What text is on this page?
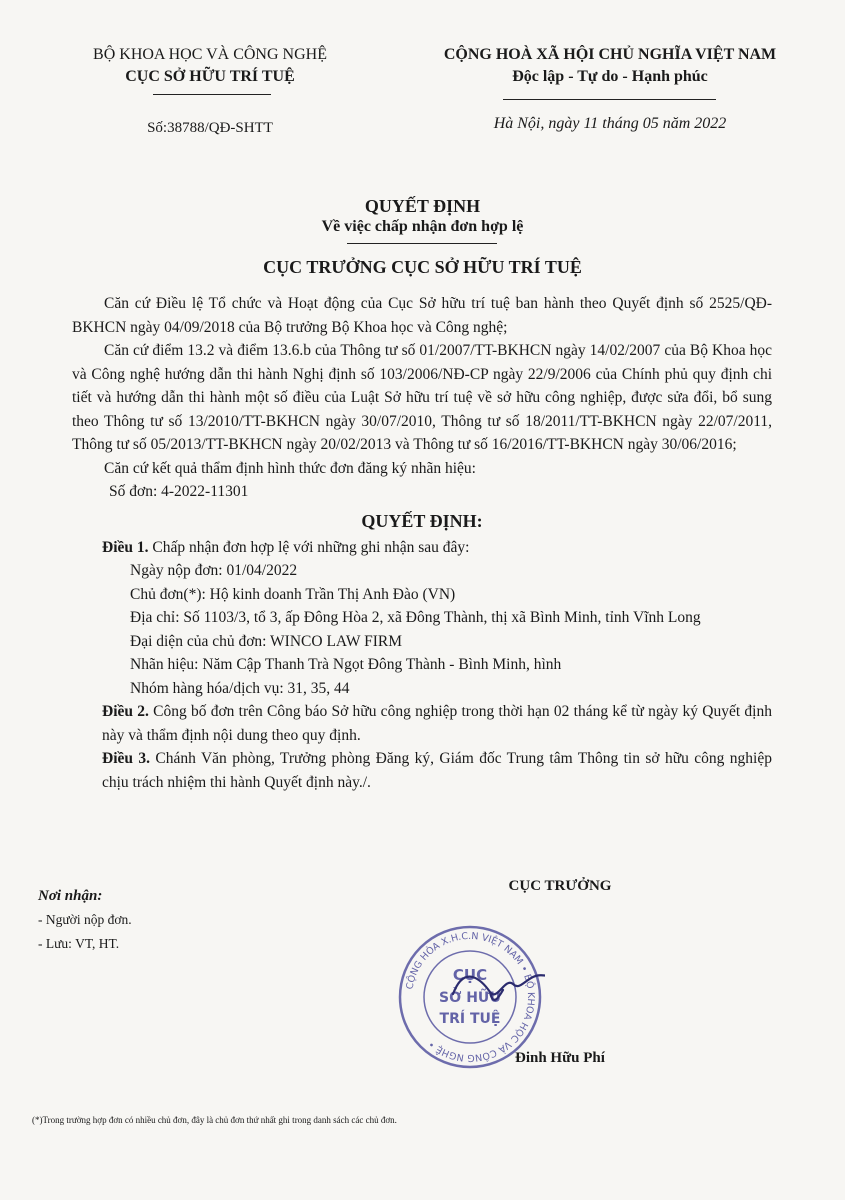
BỘ KHOA HỌC VÀ CÔNG NGHỆ
CỤC SỞ HỮU TRÍ TUỆ
CỘNG HOÀ XÃ HỘI CHỦ NGHĨA VIỆT NAM
Độc lập - Tự do - Hạnh phúc
Số:38788/QĐ-SHTT	Hà Nội, ngày 11 tháng 05 năm 2022
QUYẾT ĐỊNH
Về việc chấp nhận đơn hợp lệ
CỤC TRƯỞNG CỤC SỞ HỮU TRÍ TUỆ

Căn cứ Điều lệ Tổ chức và Hoạt động của Cục Sở hữu trí tuệ ban hành theo Quyết định số 2525/QĐ-BKHCN ngày 04/09/2018 của Bộ trưởng Bộ Khoa học và Công nghệ;

Căn cứ điểm 13.2 và điểm 13.6.b của Thông tư số 01/2007/TT-BKHCN ngày 14/02/2007 của Bộ Khoa học và Công nghệ hướng dẫn thi hành Nghị định số 103/2006/NĐ-CP ngày 22/9/2006 của Chính phủ quy định chi tiết và hướng dẫn thi hành một số điều của Luật Sở hữu trí tuệ về sở hữu công nghiệp, được sửa đổi, bổ sung theo Thông tư số 13/2010/TT-BKHCN ngày 30/07/2010, Thông tư số 18/2011/TT-BKHCN ngày 22/07/2011, Thông tư số 05/2013/TT-BKHCN ngày 20/02/2013 và Thông tư số 16/2016/TT-BKHCN ngày 30/06/2016;

Căn cứ kết quả thẩm định hình thức đơn đăng ký nhãn hiệu:

Số đơn: 4-2022-11301

QUYẾT ĐỊNH:

Điều 1. Chấp nhận đơn hợp lệ với những ghi nhận sau đây:

Ngày nộp đơn: 01/04/2022

Chủ đơn(*): Hộ kinh doanh Trần Thị Anh Đào (VN)

Địa chỉ: Số 1103/3, tổ 3, ấp Đông Hòa 2, xã Đông Thành, thị xã Bình Minh, tỉnh Vĩnh Long

Đại diện của chủ đơn: WINCO LAW FIRM

Nhãn hiệu: Năm Cập Thanh Trà Ngọt Đông Thành - Bình Minh, hình

Nhóm hàng hóa/dịch vụ: 31, 35, 44

Điều 2. Công bố đơn trên Công báo Sở hữu công nghiệp trong thời hạn 02 tháng kể từ ngày ký Quyết định này và thẩm định nội dung theo quy định.

Điều 3. Chánh Văn phòng, Trưởng phòng Đăng ký, Giám đốc Trung tâm Thông tin sở hữu công nghiệp chịu trách nhiệm thi hành Quyết định này./.

Nơi nhận:
- Người nộp đơn.
- Lưu: VT, HT.
CỤC TRƯỞNG
CỘNG HÒA X.H.C.N VIỆT NAM • BỘ KHOA HỌC VÀ CÔNG NGHỆ •
CỤC
SỞ HỮU
TRÍ TUỆ
Đinh Hữu Phí
(*)Trong trường hợp đơn có nhiều chủ đơn, đây là chủ đơn thứ nhất ghi trong danh sách các chủ đơn.
